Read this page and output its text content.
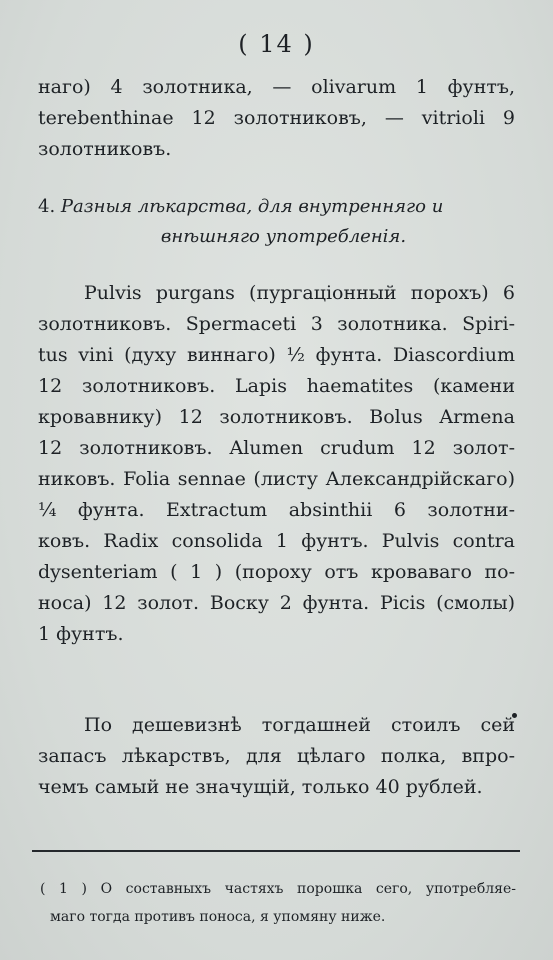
( 14 )
наго) 4 золотника, — olivarum 1 фунтъ,
terebenthinae 12 золотниковъ, — vitrioli 9
золотниковъ.
4. Разныя лѣкарства, для внутренняго и
внѣшняго употребленія.
Pulvis purgans (пургаціонный порохъ) 6
золотниковъ. Spermaceti 3 золотника. Spiri-
tus vini (духу виннаго) ½ фунта. Diascordium
12 золотниковъ. Lapis haematites (камени
кровавнику) 12 золотниковъ. Bolus Armena
12 золотниковъ. Alumen crudum 12 золот-
никовъ. Folia sennae (листу Александрійскаго)
¼ фунта. Extractum absinthii 6 золотни-
ковъ. Radix consolida 1 фунтъ. Pulvis contra
dysenteriam ( 1 ) (пороху отъ кроваваго по-
носа) 12 золот. Воску 2 фунта. Picis (смолы)
1 фунтъ.
По дешевизнѣ тогдашней стоилъ сей
запасъ лѣкарствъ, для цѣлаго полка, впро-
чемъ самый не значущій, только 40 рублей.
( 1 ) О составныхъ частяхъ порошка сего, употребляе-
маго тогда противъ поноса, я упомяну ниже.
